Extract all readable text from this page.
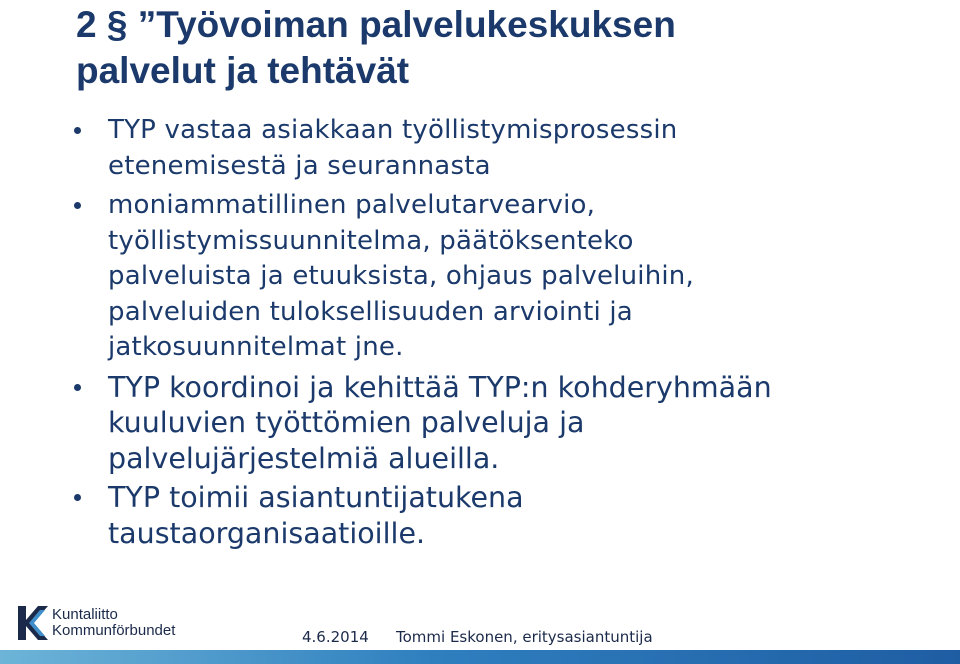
2 § ”Työvoiman palvelukeskuksen
palvelut ja tehtävät
TYP vastaa asiakkaan työllistymisprosessin
etenemisestä ja seurannasta
moniammatillinen palvelutarvearvio,
työllistymissuunnitelma, päätöksenteko
palveluista ja etuuksista, ohjaus palveluihin,
palveluiden tuloksellisuuden arviointi ja
jatkosuunnitelmat jne.
TYP koordinoi ja kehittää TYP:n kohderyhmään
kuuluvien työttömien palveluja ja
palvelujärjestelmiä alueilla.
TYP toimii asiantuntijatukena
taustaorganisaatioille.
Kuntaliitto
Kommunförbundet	4.6.2014 Tommi Eskonen, eritysasiantuntija
